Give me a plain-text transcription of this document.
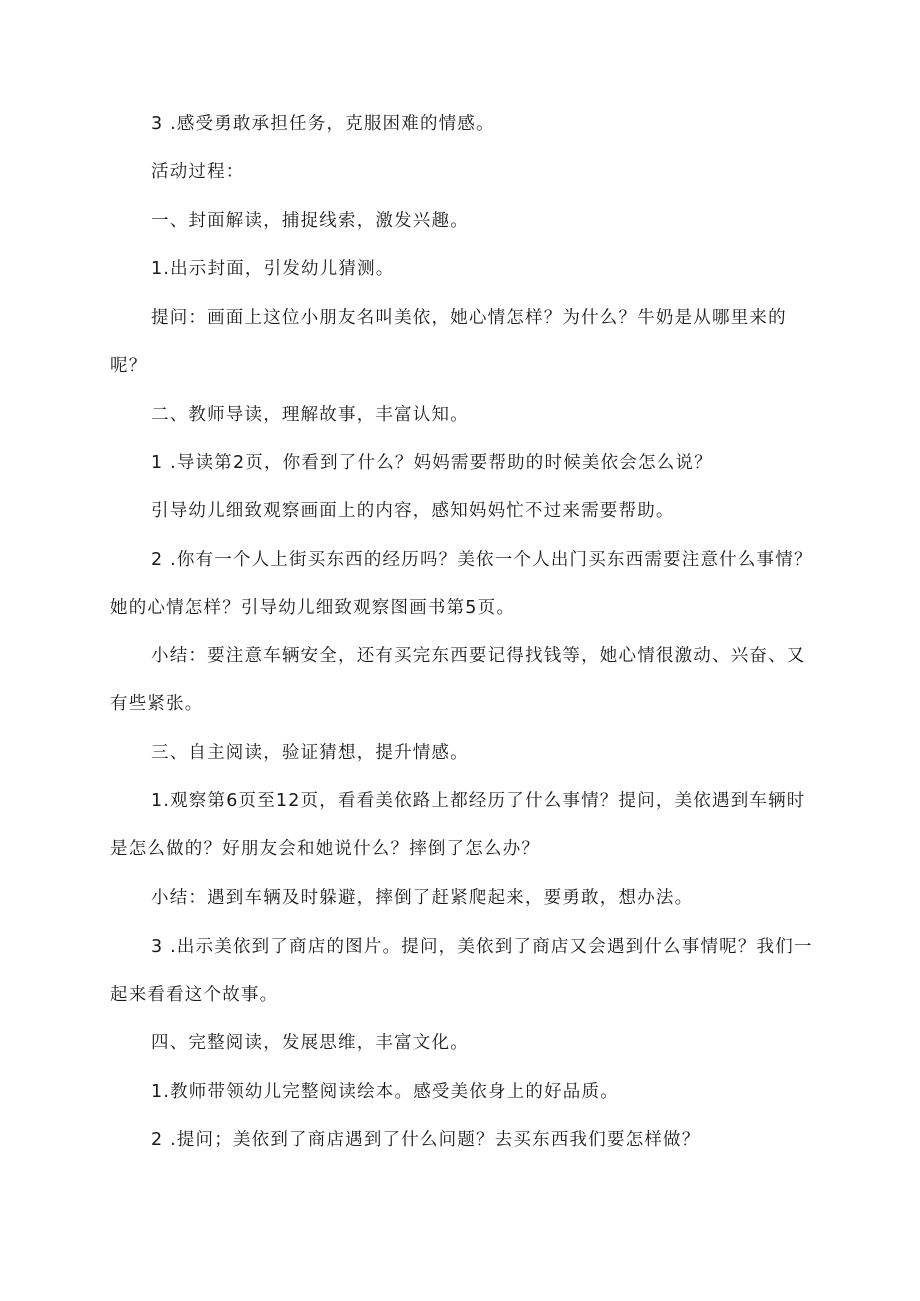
3 .感受勇敢承担任务，克服困难的情感。

活动过程：

一、封面解读，捕捉线索，激发兴趣。

1.出示封面，引发幼儿猜测。

提问：画面上这位小朋友名叫美依，她心情怎样？为什么？牛奶是从哪里来的呢？

二、教师导读，理解故事，丰富认知。

1 .导读第2页，你看到了什么？妈妈需要帮助的时候美依会怎么说？

引导幼儿细致观察画面上的内容，感知妈妈忙不过来需要帮助。

2 .你有一个人上街买东西的经历吗？美依一个人出门买东西需要注意什么事情？她的心情怎样？引导幼儿细致观察图画书第5页。

小结：要注意车辆安全，还有买完东西要记得找钱等，她心情很激动、兴奋、又有些紧张。

三、自主阅读，验证猜想，提升情感。

1.观察第6页至12页，看看美依路上都经历了什么事情？提问，美依遇到车辆时是怎么做的？好朋友会和她说什么？摔倒了怎么办？

小结：遇到车辆及时躲避，摔倒了赶紧爬起来，要勇敢，想办法。

3 .出示美依到了商店的图片。提问，美依到了商店又会遇到什么事情呢？我们一起来看看这个故事。

四、完整阅读，发展思维，丰富文化。

1.教师带领幼儿完整阅读绘本。感受美依身上的好品质。

2 .提问；美依到了商店遇到了什么问题？去买东西我们要怎样做？
